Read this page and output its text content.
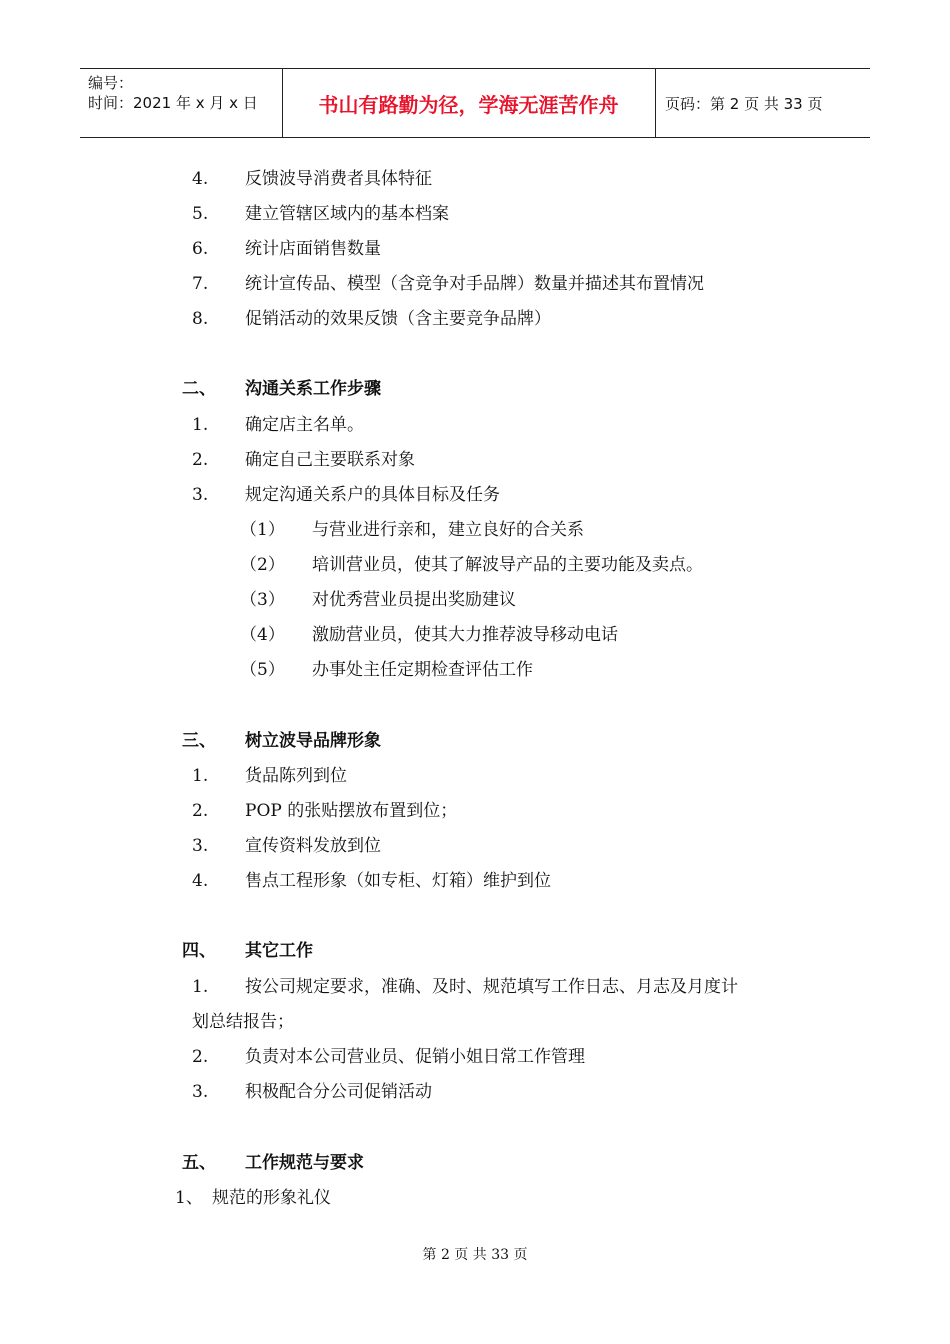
编号：
时间：2021 年 x 月 x 日	书山有路勤为径，学海无涯苦作舟	页码：第 2 页 共 33 页
4. 反馈波导消费者具体特征
5. 建立管辖区域内的基本档案
6. 统计店面销售数量
7. 统计宣传品、模型（含竞争对手品牌）数量并描述其布置情况
8. 促销活动的效果反馈（含主要竞争品牌）
二、 沟通关系工作步骤
1. 确定店主名单。
2. 确定自己主要联系对象
3. 规定沟通关系户的具体目标及任务
（1） 与营业进行亲和，建立良好的合关系
（2） 培训营业员，使其了解波导产品的主要功能及卖点。
（3） 对优秀营业员提出奖励建议
（4） 激励营业员，使其大力推荐波导移动电话
（5） 办事处主任定期检查评估工作
三、 树立波导品牌形象
1. 货品陈列到位
2. POP 的张贴摆放布置到位；
3. 宣传资料发放到位
4. 售点工程形象（如专柜、灯箱）维护到位
四、 其它工作
1. 按公司规定要求，准确、及时、规范填写工作日志、月志及月度计
划总结报告；
2. 负责对本公司营业员、促销小姐日常工作管理
3. 积极配合分公司促销活动
五、 工作规范与要求
1、 规范的形象礼仪
第 2 页 共 33 页
